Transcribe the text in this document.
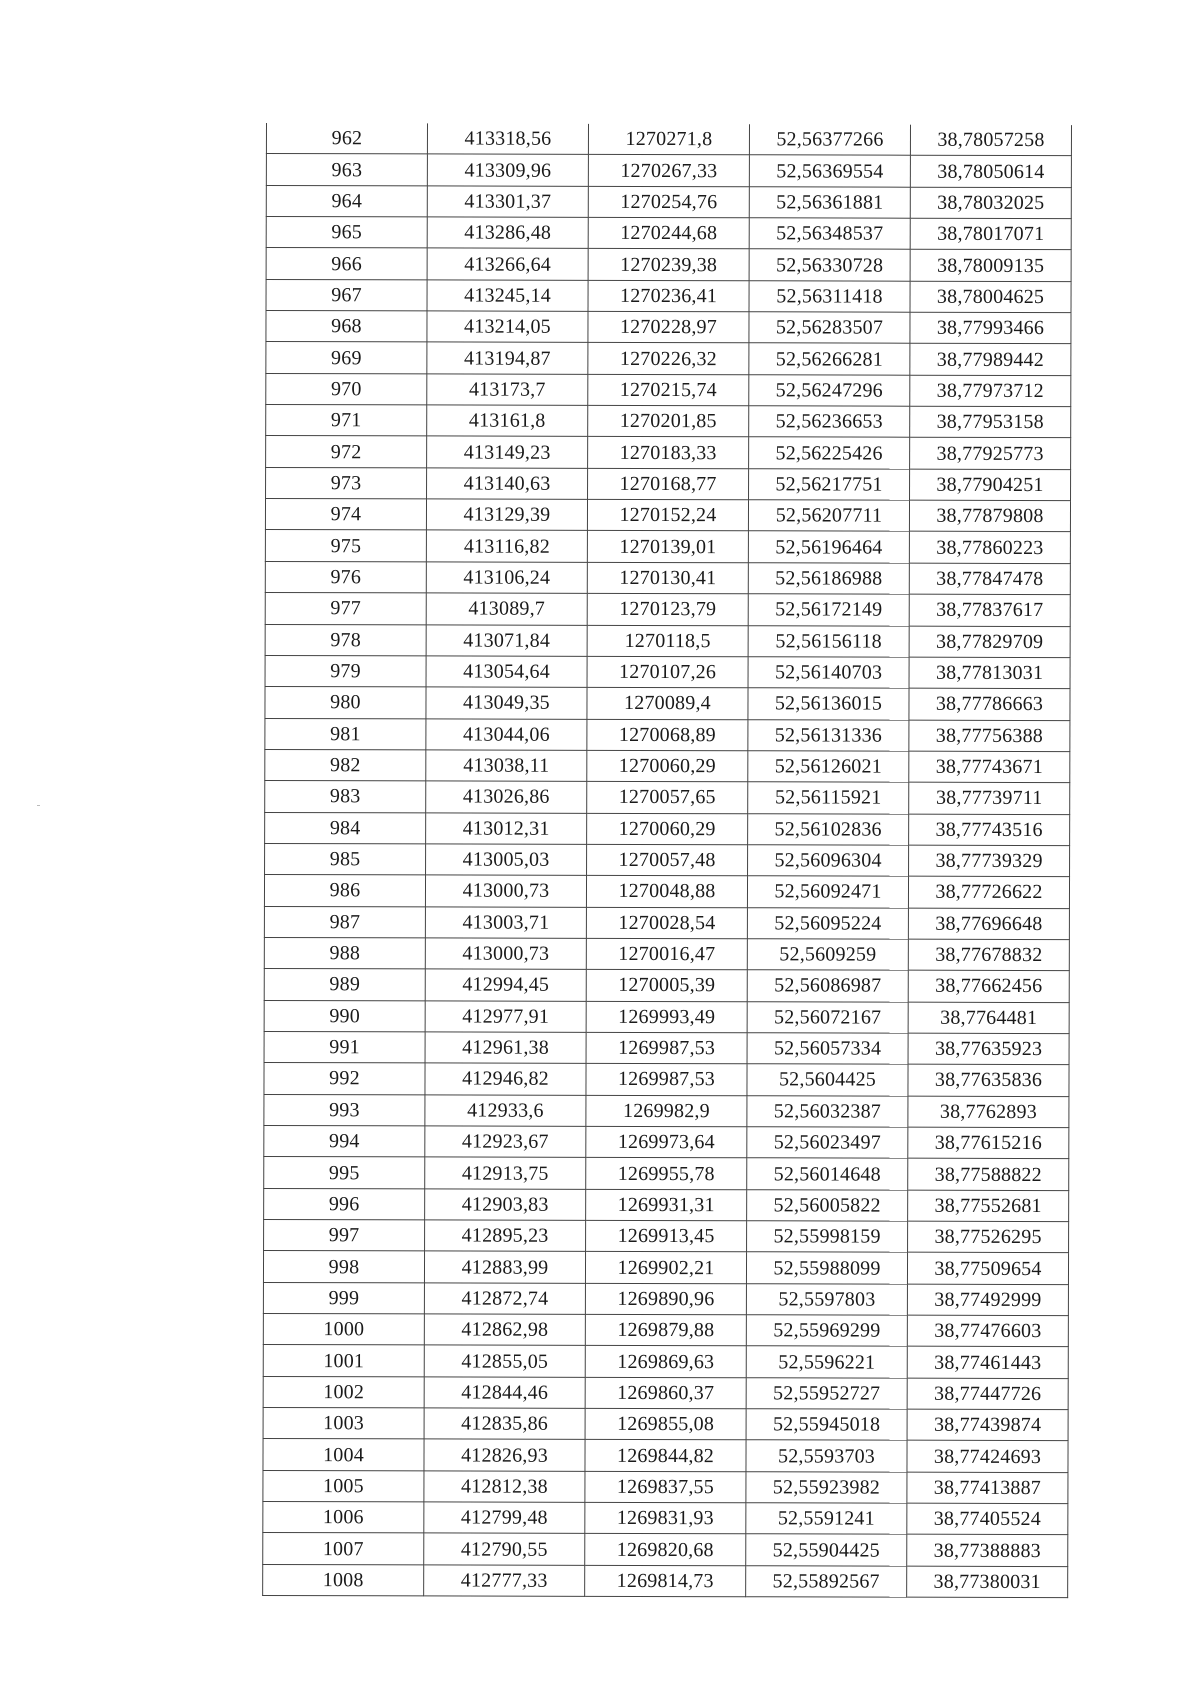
962	413318,56	1270271,8	52,56377266	38,78057258
963	413309,96	1270267,33	52,56369554	38,78050614
964	413301,37	1270254,76	52,56361881	38,78032025
965	413286,48	1270244,68	52,56348537	38,78017071
966	413266,64	1270239,38	52,56330728	38,78009135
967	413245,14	1270236,41	52,56311418	38,78004625
968	413214,05	1270228,97	52,56283507	38,77993466
969	413194,87	1270226,32	52,56266281	38,77989442
970	413173,7	1270215,74	52,56247296	38,77973712
971	413161,8	1270201,85	52,56236653	38,77953158
972	413149,23	1270183,33	52,56225426	38,77925773
973	413140,63	1270168,77	52,56217751	38,77904251
974	413129,39	1270152,24	52,56207711	38,77879808
975	413116,82	1270139,01	52,56196464	38,77860223
976	413106,24	1270130,41	52,56186988	38,77847478
977	413089,7	1270123,79	52,56172149	38,77837617
978	413071,84	1270118,5	52,56156118	38,77829709
979	413054,64	1270107,26	52,56140703	38,77813031
980	413049,35	1270089,4	52,56136015	38,77786663
981	413044,06	1270068,89	52,56131336	38,77756388
982	413038,11	1270060,29	52,56126021	38,77743671
983	413026,86	1270057,65	52,56115921	38,77739711
984	413012,31	1270060,29	52,56102836	38,77743516
985	413005,03	1270057,48	52,56096304	38,77739329
986	413000,73	1270048,88	52,56092471	38,77726622
987	413003,71	1270028,54	52,56095224	38,77696648
988	413000,73	1270016,47	52,5609259	38,77678832
989	412994,45	1270005,39	52,56086987	38,77662456
990	412977,91	1269993,49	52,56072167	38,7764481
991	412961,38	1269987,53	52,56057334	38,77635923
992	412946,82	1269987,53	52,5604425	38,77635836
993	412933,6	1269982,9	52,56032387	38,7762893
994	412923,67	1269973,64	52,56023497	38,77615216
995	412913,75	1269955,78	52,56014648	38,77588822
996	412903,83	1269931,31	52,56005822	38,77552681
997	412895,23	1269913,45	52,55998159	38,77526295
998	412883,99	1269902,21	52,55988099	38,77509654
999	412872,74	1269890,96	52,5597803	38,77492999
1000	412862,98	1269879,88	52,55969299	38,77476603
1001	412855,05	1269869,63	52,5596221	38,77461443
1002	412844,46	1269860,37	52,55952727	38,77447726
1003	412835,86	1269855,08	52,55945018	38,77439874
1004	412826,93	1269844,82	52,5593703	38,77424693
1005	412812,38	1269837,55	52,55923982	38,77413887
1006	412799,48	1269831,93	52,5591241	38,77405524
1007	412790,55	1269820,68	52,55904425	38,77388883
1008	412777,33	1269814,73	52,55892567	38,77380031
